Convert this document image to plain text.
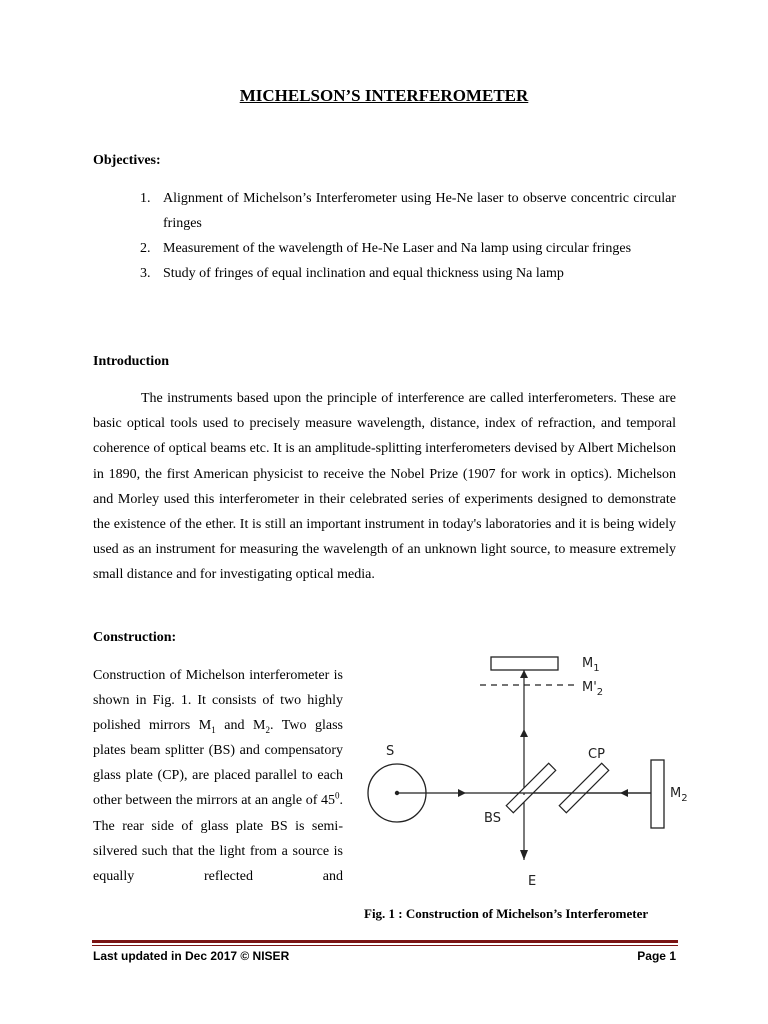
MICHELSON’S INTERFEROMETER
Objectives:
1. Alignment of Michelson’s Interferometer using He-Ne laser to observe concentric circular fringes
2. Measurement of the wavelength of He-Ne Laser and Na lamp using circular fringes
3. Study of fringes of equal inclination and equal thickness using Na lamp
Introduction

The instruments based upon the principle of interference are called interferometers. These are basic optical tools used to precisely measure wavelength, distance, index of refraction, and temporal coherence of optical beams etc. It is an amplitude-splitting interferometers devised by Albert Michelson in 1890, the first American physicist to receive the Nobel Prize (1907 for work in optics). Michelson and Morley used this interferometer in their celebrated series of experiments designed to demonstrate the existence of the ether. It is still an important instrument in today's laboratories and it is being widely used as an instrument for measuring the wavelength of an unknown light source, to measure extremely small distance and for investigating optical media.

Construction:

Construction of Michelson interferometer is shown in Fig. 1. It consists of two highly polished mirrors $M_1$ and $M_2$. Two glass plates beam splitter (BS) and compensatory glass plate (CP), are placed parallel to each other between the mirrors at an angle of $45^0$. The rear side of glass plate BS is semi-silvered such that the light from a source is equally reflected and

$M_1$
$M'_2$
S	CP
$M_2$
BS
E
Fig. 1 : Construction of Michelson’s Interferometer
Last updated in Dec 2017 © NISER	Page 1
